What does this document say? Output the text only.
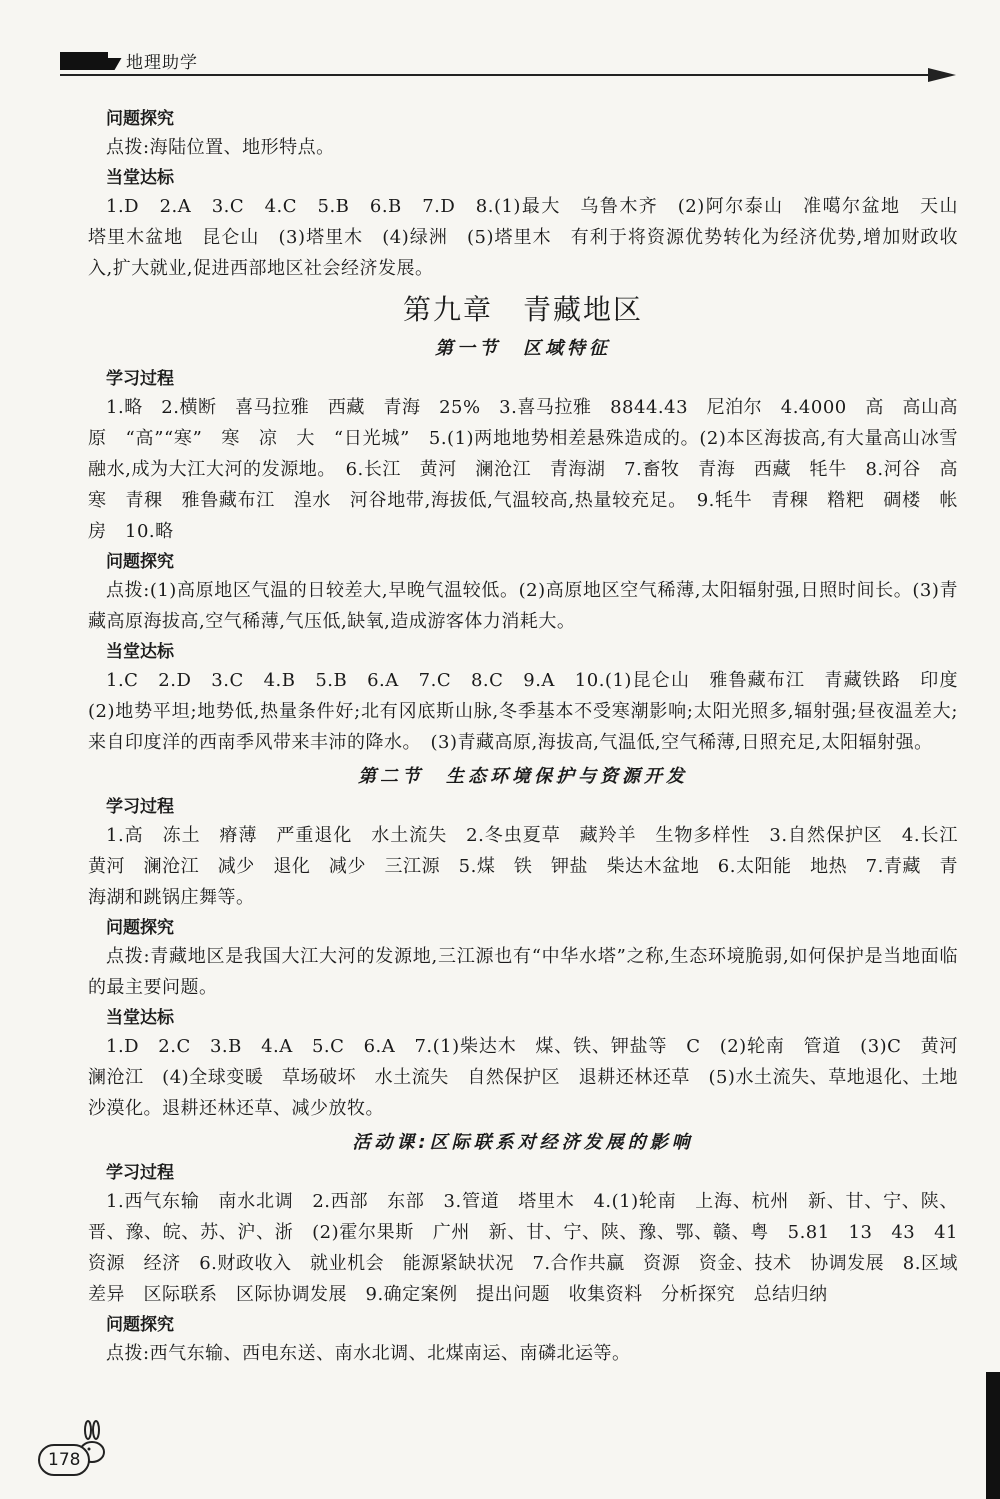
地理助学
问题探究
点拨:海陆位置、地形特点。
当堂达标
1.D　2.A　3.C　4.C　5.B　6.B　7.D　8.(1)最大　乌鲁木齐　(2)阿尔泰山　准噶尔盆地　天山　塔里木盆地　昆仑山　(3)塔里木　(4)绿洲　(5)塔里木　有利于将资源优势转化为经济优势,增加财政收入,扩大就业,促进西部地区社会经济发展。
第九章　青藏地区
第一节　区域特征
学习过程
1.略　2.横断　喜马拉雅　西藏　青海　25%　3.喜马拉雅　8844.43　尼泊尔　4.4000　高　高山高原　“高”“寒”　寒　凉　大　“日光城”　5.(1)两地地势相差悬殊造成的。(2)本区海拔高,有大量高山冰雪融水,成为大江大河的发源地。　6.长江　黄河　澜沧江　青海湖　7.畜牧　青海　西藏　牦牛　8.河谷　高寒　青稞　雅鲁藏布江　湟水　河谷地带,海拔低,气温较高,热量较充足。　9.牦牛　青稞　糌粑　碉楼　帐房　10.略
问题探究
点拨:(1)高原地区气温的日较差大,早晚气温较低。(2)高原地区空气稀薄,太阳辐射强,日照时间长。(3)青藏高原海拔高,空气稀薄,气压低,缺氧,造成游客体力消耗大。
当堂达标
1.C　2.D　3.C　4.B　5.B　6.A　7.C　8.C　9.A　10.(1)昆仑山　雅鲁藏布江　青藏铁路　印度　(2)地势平坦;地势低,热量条件好;北有冈底斯山脉,冬季基本不受寒潮影响;太阳光照多,辐射强;昼夜温差大;来自印度洋的西南季风带来丰沛的降水。　(3)青藏高原,海拔高,气温低,空气稀薄,日照充足,太阳辐射强。
第二节　生态环境保护与资源开发
学习过程
1.高　冻土　瘠薄　严重退化　水土流失　2.冬虫夏草　藏羚羊　生物多样性　3.自然保护区　4.长江　黄河　澜沧江　减少　退化　减少　三江源　5.煤　铁　钾盐　柴达木盆地　6.太阳能　地热　7.青藏　青海湖和跳锅庄舞等。
问题探究
点拨:青藏地区是我国大江大河的发源地,三江源也有“中华水塔”之称,生态环境脆弱,如何保护是当地面临的最主要问题。
当堂达标
1.D　2.C　3.B　4.A　5.C　6.A　7.(1)柴达木　煤、铁、钾盐等　C　(2)轮南　管道　(3)C　黄河　澜沧江　(4)全球变暖　草场破坏　水土流失　自然保护区　退耕还林还草　(5)水土流失、草地退化、土地沙漠化。退耕还林还草、减少放牧。
活动课:区际联系对经济发展的影响
学习过程
1.西气东输　南水北调　2.西部　东部　3.管道　塔里木　4.(1)轮南　上海、杭州　新、甘、宁、陕、晋、豫、皖、苏、沪、浙　(2)霍尔果斯　广州　新、甘、宁、陕、豫、鄂、赣、粤　5.81　13　43　41　资源　经济　6.财政收入　就业机会　能源紧缺状况　7.合作共赢　资源　资金、技术　协调发展　8.区域差异　区际联系　区际协调发展　9.确定案例　提出问题　收集资料　分析探究　总结归纳
问题探究
点拨:西气东输、西电东送、南水北调、北煤南运、南磷北运等。
178
